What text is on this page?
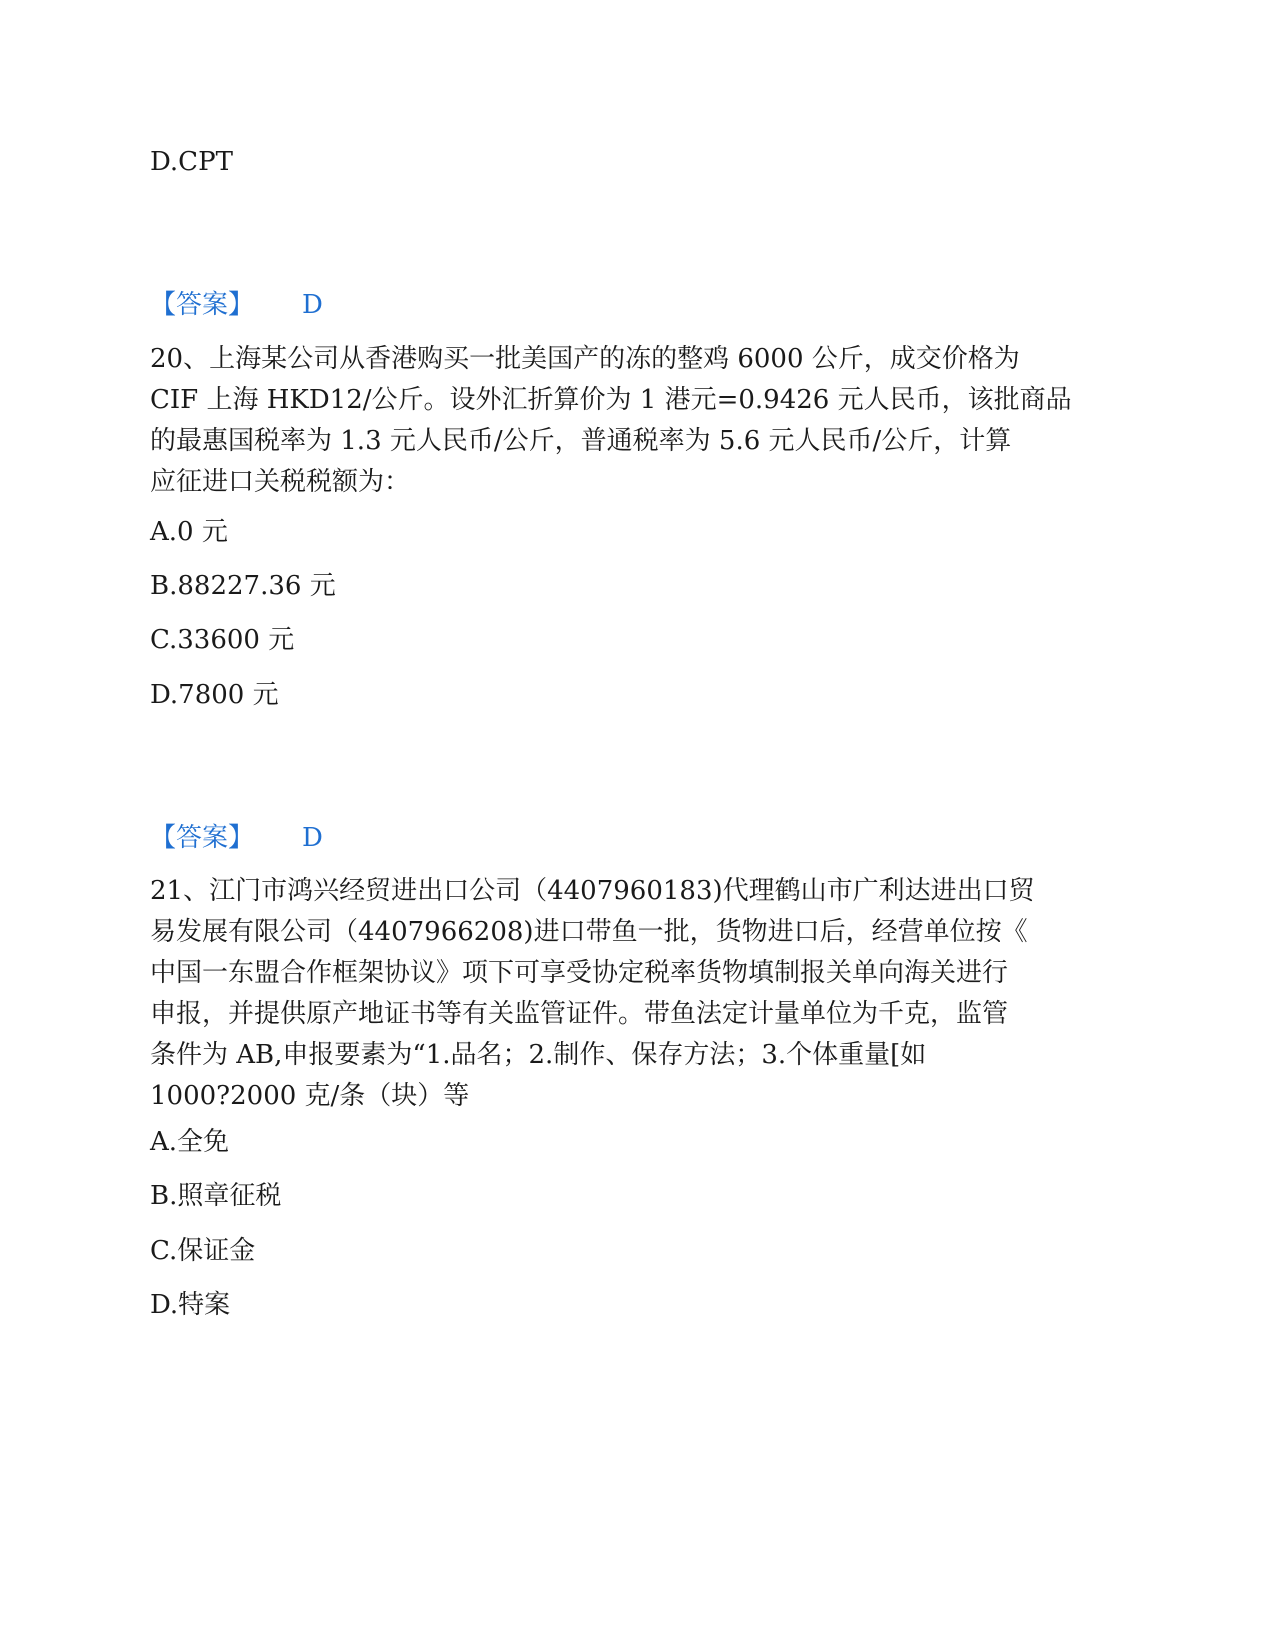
D.CPT
【答案】 D
20、上海某公司从香港购买一批美国产的冻的整鸡 6000 公斤，成交价格为
CIF 上海 HKD12/公斤。设外汇折算价为 1 港元=0.9426 元人民币，该批商品
的最惠国税率为 1.3 元人民币/公斤，普通税率为 5.6 元人民币/公斤，计算
应征进口关税税额为：
A.0 元
B.88227.36 元
C.33600 元
D.7800 元
【答案】 D
21、江门市鸿兴经贸进出口公司（4407960183)代理鹤山市广利达进出口贸
易发展有限公司（4407966208)进口带鱼一批，货物进口后，经营单位按《
中国一东盟合作框架协议》项下可享受协定税率货物填制报关单向海关进行
申报，并提供原产地证书等有关监管证件。带鱼法定计量单位为千克，监管
条件为 AB,申报要素为“1.品名；2.制作、保存方法；3.个体重量[如
1000?2000 克/条（块）等
A.全免
B.照章征税
C.保证金
D.特案
